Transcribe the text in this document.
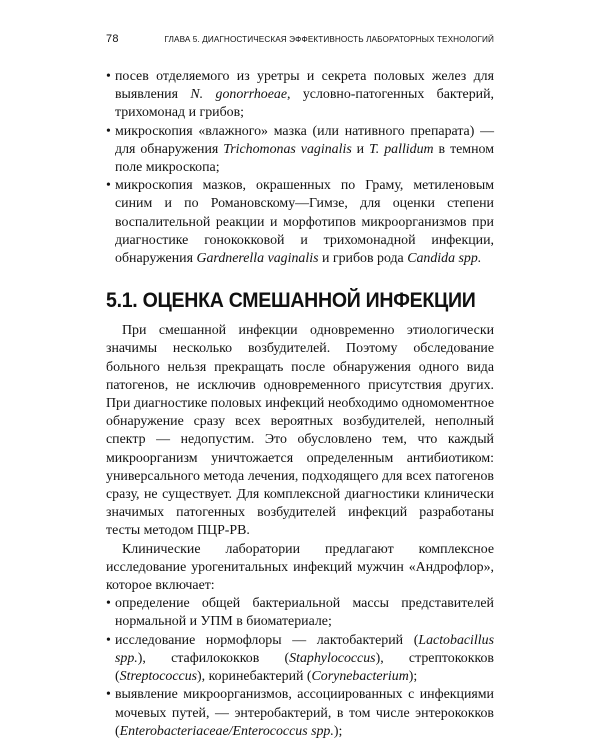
78	ГЛАВА 5. ДИАГНОСТИЧЕСКАЯ ЭФФЕКТИВНОСТЬ ЛАБОРАТОРНЫХ ТЕХНОЛОГИЙ
• посев отделяемого из уретры и секрета половых желез для выявления N. gonorrhoeae, условно-патогенных бактерий, трихомонад и грибов;
• микроскопия «влажного» мазка (или нативного препарата) — для обнаружения Trichomonas vaginalis и T. pallidum в темном поле микроскопа;
• микроскопия мазков, окрашенных по Граму, метиленовым синим и по Романовскому—Гимзе, для оценки степени воспалительной реакции и морфотипов микроорганизмов при диагностике гонококковой и трихомонадной инфекции, обнаружения Gardnerella vaginalis и грибов рода Candida spp.
5.1. ОЦЕНКА СМЕШАННОЙ ИНФЕКЦИИ

При смешанной инфекции одновременно этиологически значимы несколько возбудителей. Поэтому обследование больного нельзя прекращать после обнаружения одного вида патогенов, не исключив одновременного присутствия других. При диагностике половых инфекций необходимо одномоментное обнаружение сразу всех вероятных возбудителей, неполный спектр — недопустим. Это обусловлено тем, что каждый микроорганизм уничтожается определенным антибиотиком: универсального метода лечения, подходящего для всех патогенов сразу, не существует. Для комплексной диагностики клинически значимых патогенных возбудителей инфекций разработаны тесты методом ПЦР-РВ.

Клинические лаборатории предлагают комплексное исследование урогенитальных инфекций мужчин «Андрофлор», которое включает:

• определение общей бактериальной массы представителей нормальной и УПМ в биоматериале;
• исследование нормофлоры — лактобактерий (Lactobacillus spp.), стафилококков (Staphylococcus), стрептококков (Streptococcus), коринебактерий (Corynebacterium);
• выявление микроорганизмов, ассоциированных с инфекциями мочевых путей, — энтеробактерий, в том числе энтерококков (Enterobacteriaceae/Enterococcus spp.);
